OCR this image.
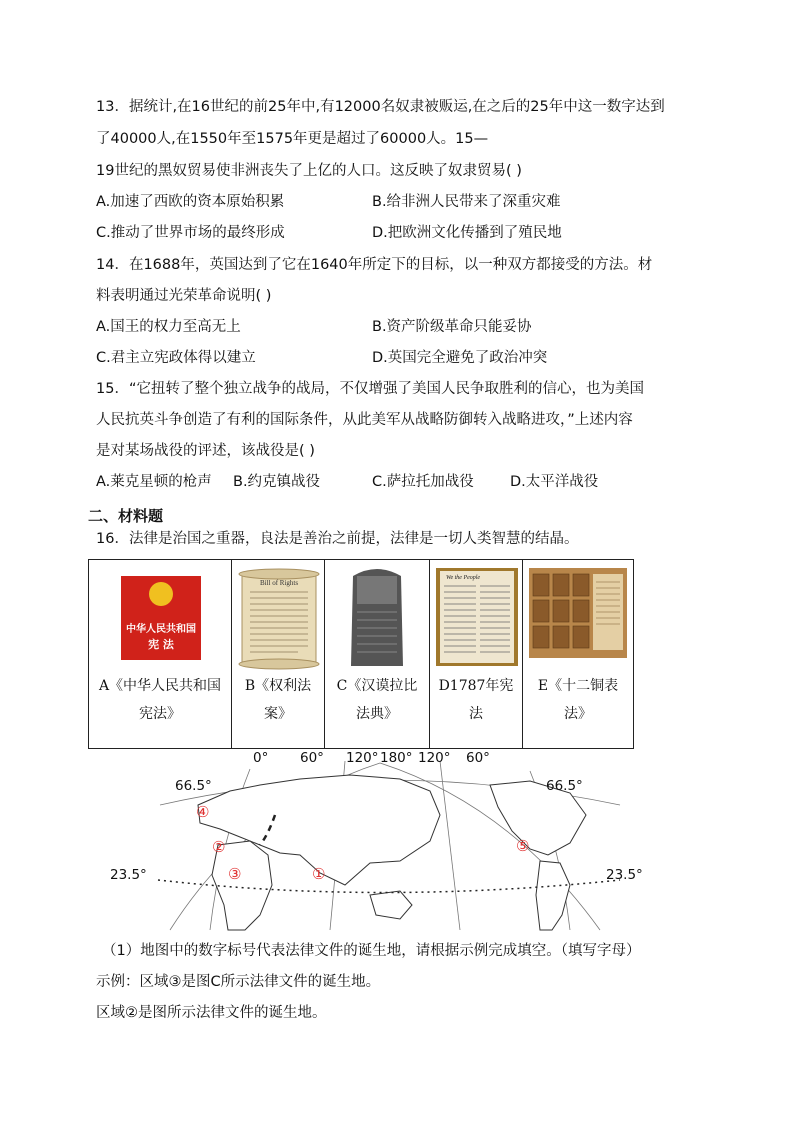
13．据统计,在16世纪的前25年中,有12000名奴隶被贩运,在之后的25年中这一数字达到
了40000人,在1550年至1575年更是超过了60000人。15—
19世纪的黑奴贸易使非洲丧失了上亿的人口。这反映了奴隶贸易( )
A.加速了西欧的资本原始积累	B.给非洲人民带来了深重灾难
C.推动了世界市场的最终形成	D.把欧洲文化传播到了殖民地
14．在1688年，英国达到了它在1640年所定下的目标，以一种双方都接受的方法。材
料表明通过光荣革命说明( )
A.国王的权力至高无上	B.资产阶级革命只能妥协
C.君主立宪政体得以建立	D.英国完全避免了政治冲突
15．“它扭转了整个独立战争的战局，不仅增强了美国人民争取胜利的信心，也为美国
人民抗英斗争创造了有利的国际条件，从此美军从战略防御转入战略进攻，”上述内容
是对某场战役的评述，该战役是( )
A.莱克星顿的枪声 B.约克镇战役	C.萨拉托加战役	D.太平洋战役
二、材料题
16．法律是治国之重器，良法是善治之前提，法律是一切人类智慧的结晶。
中华人民共和国
宪 法
A《中华人民共和国宪法》

Bill of Rights
B《权利法案》

C《汉谟拉比法典》

We the People
D1787年宪法

E《十二铜表法》
0° 60° 120° 180° 120° 60°
66.5°	66.5°
23.5°	23.5°
④
②
③	①
⑤
（1）地图中的数字标号代表法律文件的诞生地，请根据示例完成填空。（填写字母）
示例：区域③是图C所示法律文件的诞生地。
区域②是图所示法律文件的诞生地。
